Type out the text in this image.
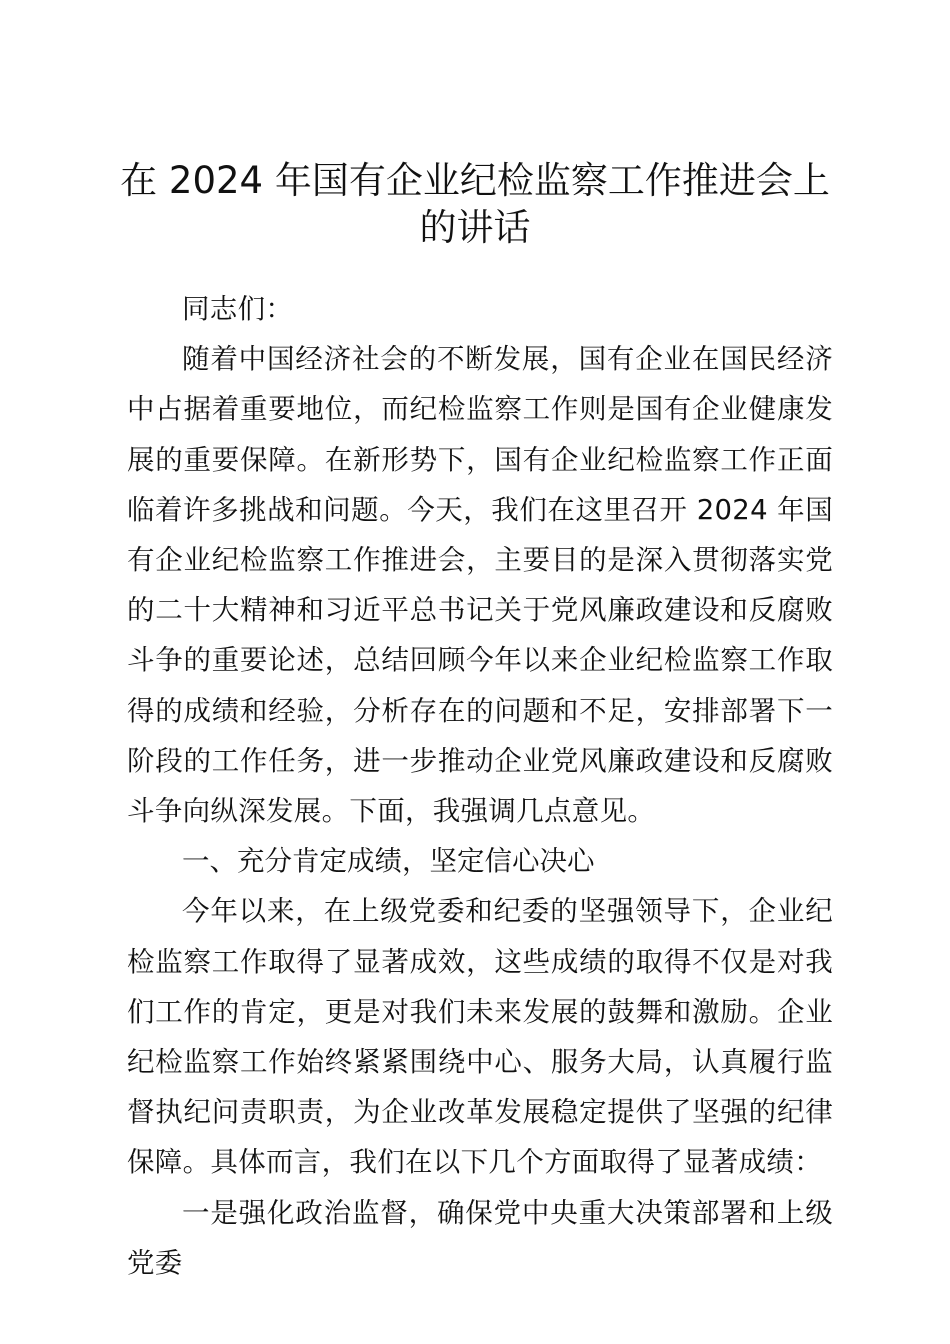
在 2024 年国有企业纪检监察工作推进会上的讲话

同志们：

随着中国经济社会的不断发展，国有企业在国民经济中占据着重要地位，而纪检监察工作则是国有企业健康发展的重要保障。在新形势下，国有企业纪检监察工作正面临着许多挑战和问题。今天，我们在这里召开 2024 年国有企业纪检监察工作推进会，主要目的是深入贯彻落实党的二十大精神和习近平总书记关于党风廉政建设和反腐败斗争的重要论述，总结回顾今年以来企业纪检监察工作取得的成绩和经验，分析存在的问题和不足，安排部署下一阶段的工作任务，进一步推动企业党风廉政建设和反腐败斗争向纵深发展。下面，我强调几点意见。

一、充分肯定成绩，坚定信心决心

今年以来，在上级党委和纪委的坚强领导下，企业纪检监察工作取得了显著成效，这些成绩的取得不仅是对我们工作的肯定，更是对我们未来发展的鼓舞和激励。企业纪检监察工作始终紧紧围绕中心、服务大局，认真履行监督执纪问责职责，为企业改革发展稳定提供了坚强的纪律保障。具体而言，我们在以下几个方面取得了显著成绩：

一是强化政治监督，确保党中央重大决策部署和上级党委
